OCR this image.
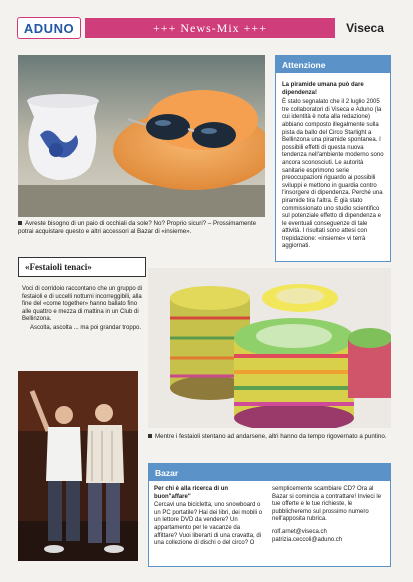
ADUNO	+++ News-Mix +++	Viseca
Avreste bisogno di un paio di occhiali da sole? No? Proprio sicuri? – Prossimamente potrai acquistare questo e altri accessori al Bazar di «insieme».
Attenzione
La piramide umana può dare dipendenza!
È stato segnalato che il 2 luglio 2005 tre collaboratori di Viseca e Aduno (la cui identità è nota alla redazione) abbiano composto illegalmente sulla pista da ballo del Circo Starlight a Bellinzona una piramide spontanea. I possibili effetti di questa nuova tendenza nell'ambiente moderno sono ancora sconosciuti. Le autorità sanitarie esprimono serie preoccupazioni riguardo ai possibili sviluppi e mettono in guardia contro l'insorgere di dipendenza. Perché una piramide tira l'altra. È già stato commissionato uno studio scientifico sul potenziale effetto di dipendenza e le eventuali conseguenze di tale attività. I risultati sono attesi con trepidazione: «insieme» vi terrà aggiornati.
«Festaioli tenaci»
Voci di corridoio raccontano che un gruppo di festaioli e di uccelli notturni incorreggibili, alla fine del «come together» hanno ballato fino alle quattro e mezza di mattina in un Club di Bellinzona.
Ascolta, ascolta ... ma poi grandar troppo.
Mentre i festaioli stentano ad andarsene, altri hanno da tempo rigovernato a puntino.
Bazar
Per chi è alla ricerca di un buon"affare"
Cercavi una bicicletta, uno snowboard o un PC portatile? Hai dei libri, dei mobili o un lettore DVD da vendere? Un appartamento per le vacanze da affittare? Vuoi liberarti di una cravatta, di una collezione di dischi o del circo? O
semplicemente scambiare CD? Ora al Bazar si comincia a contrattare! Invieci le tue offerte e le tue richieste, le pubblicheremo sul prossimo numero nell'apposita rubrica.
rolf.arnet@viseca.ch
patrizia.ceccoli@aduno.ch
